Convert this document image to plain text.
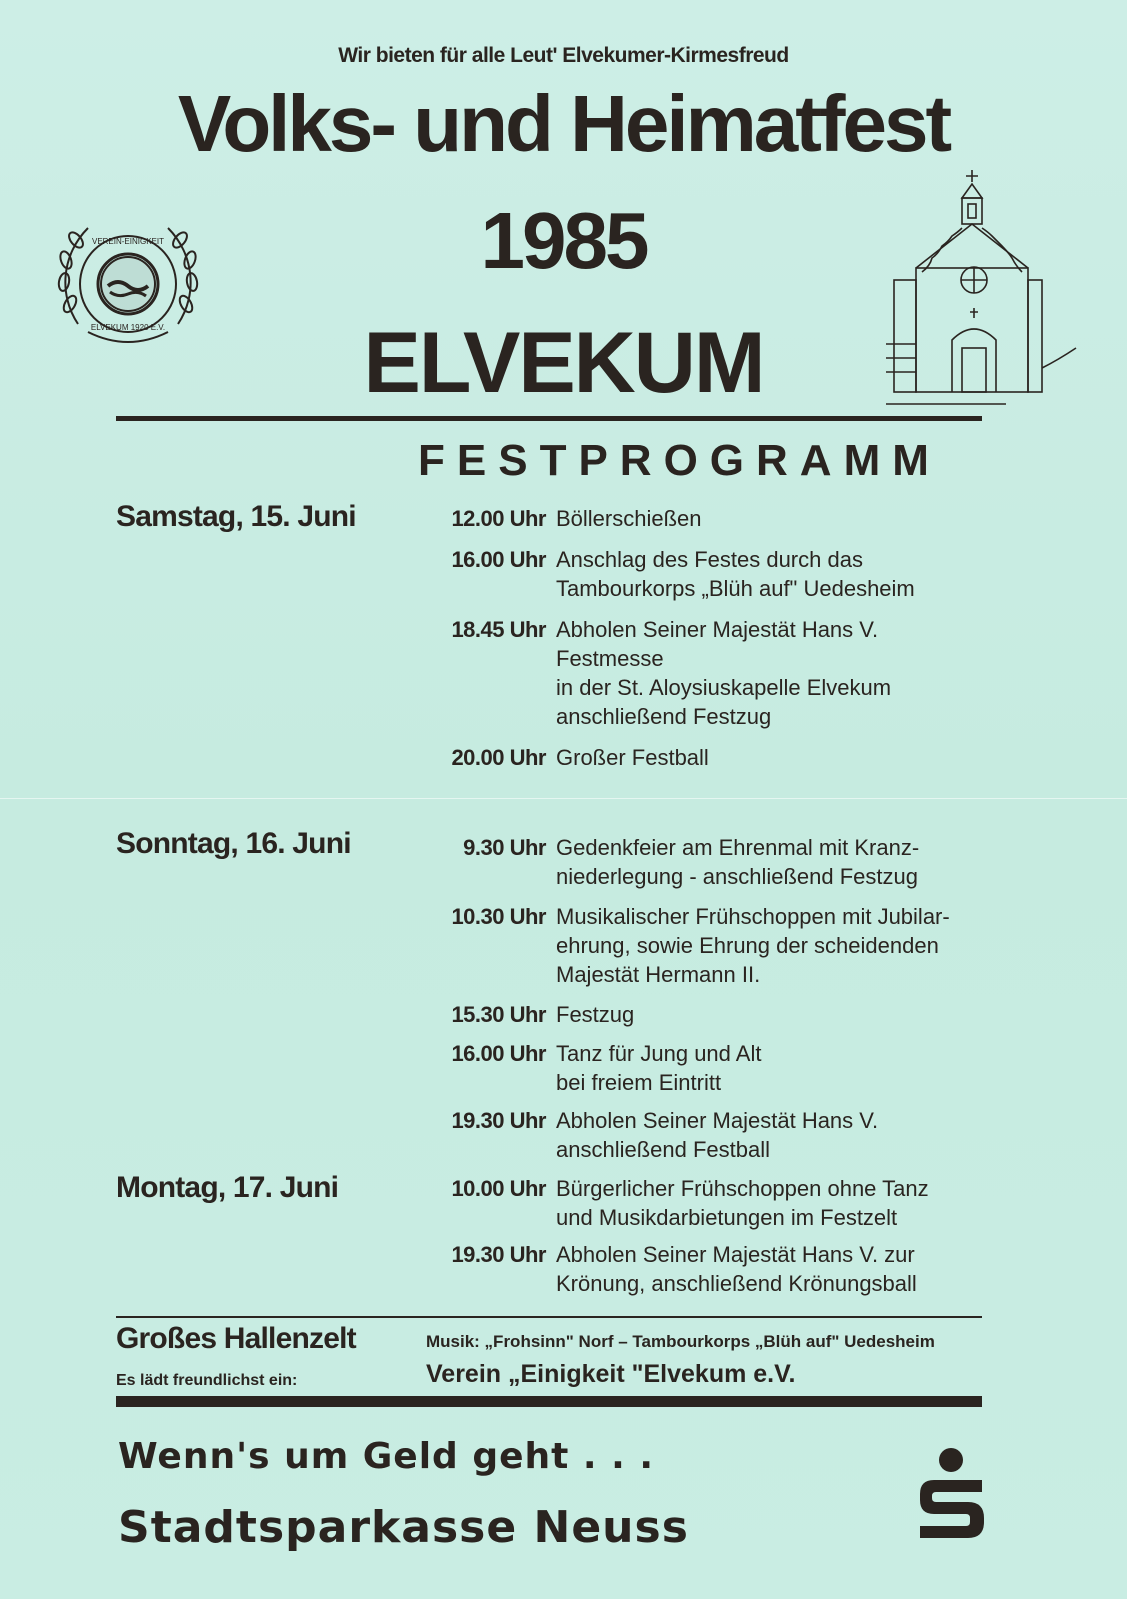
Wir bieten für alle Leut' Elvekumer-Kirmesfreud
Volks- und Heimatfest
1985
ELVEKUM
VEREIN-EINIGKEIT
ELVEKUM 1920 E.V.
FESTPROGRAMM
Samstag, 15. Juni
Sonntag, 16. Juni
Montag, 17. Juni
12.00 Uhr Böllerschießen
16.00 Uhr Anschlag des Festes durch das
Tambourkorps „Blüh auf" Uedesheim
18.45 Uhr Abholen Seiner Majestät Hans V.
Festmesse
in der St. Aloysiuskapelle Elvekum
anschließend Festzug
20.00 Uhr Großer Festball
9.30 Uhr Gedenkfeier am Ehrenmal mit Kranz-
niederlegung - anschließend Festzug
10.30 Uhr Musikalischer Frühschoppen mit Jubilar-
ehrung, sowie Ehrung der scheidenden
Majestät Hermann II.
15.30 Uhr Festzug
16.00 Uhr Tanz für Jung und Alt
bei freiem Eintritt
19.30 Uhr Abholen Seiner Majestät Hans V.
anschließend Festball
10.00 Uhr Bürgerlicher Frühschoppen ohne Tanz
und Musikdarbietungen im Festzelt
19.30 Uhr Abholen Seiner Majestät Hans V. zur
Krönung, anschließend Krönungsball
Großes Hallenzelt
Es lädt freundlichst ein:
Musik: „Frohsinn" Norf – Tambourkorps „Blüh auf" Uedesheim
Verein „Einigkeit "Elvekum e.V.
Wenn's um Geld geht . . .
Stadtsparkasse Neuss
